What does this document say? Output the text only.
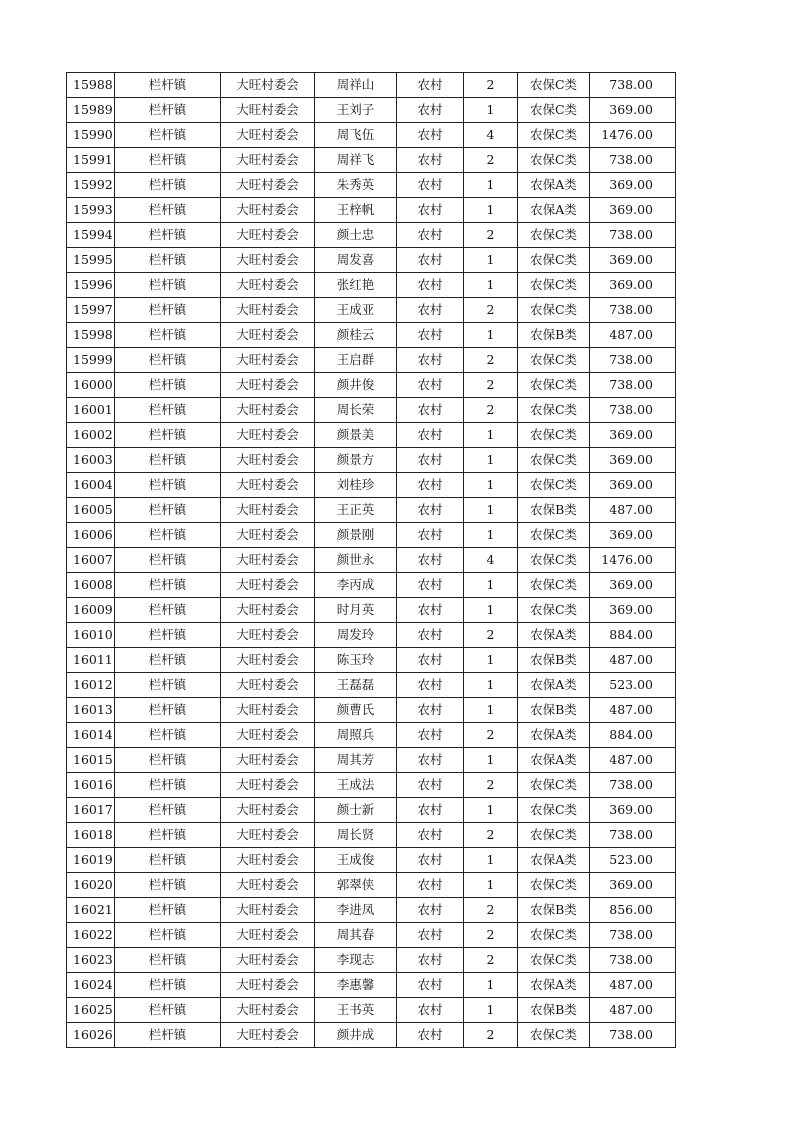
15988	栏杆镇	大旺村委会	周祥山	农村	2	农保C类	738.00
15989	栏杆镇	大旺村委会	王刘子	农村	1	农保C类	369.00
15990	栏杆镇	大旺村委会	周飞伍	农村	4	农保C类	1476.00
15991	栏杆镇	大旺村委会	周祥飞	农村	2	农保C类	738.00
15992	栏杆镇	大旺村委会	朱秀英	农村	1	农保A类	369.00
15993	栏杆镇	大旺村委会	王梓帆	农村	1	农保A类	369.00
15994	栏杆镇	大旺村委会	颜士忠	农村	2	农保C类	738.00
15995	栏杆镇	大旺村委会	周发喜	农村	1	农保C类	369.00
15996	栏杆镇	大旺村委会	张红艳	农村	1	农保C类	369.00
15997	栏杆镇	大旺村委会	王成亚	农村	2	农保C类	738.00
15998	栏杆镇	大旺村委会	颜桂云	农村	1	农保B类	487.00
15999	栏杆镇	大旺村委会	王启群	农村	2	农保C类	738.00
16000	栏杆镇	大旺村委会	颜井俊	农村	2	农保C类	738.00
16001	栏杆镇	大旺村委会	周长荣	农村	2	农保C类	738.00
16002	栏杆镇	大旺村委会	颜景美	农村	1	农保C类	369.00
16003	栏杆镇	大旺村委会	颜景方	农村	1	农保C类	369.00
16004	栏杆镇	大旺村委会	刘桂珍	农村	1	农保C类	369.00
16005	栏杆镇	大旺村委会	王正英	农村	1	农保B类	487.00
16006	栏杆镇	大旺村委会	颜景刚	农村	1	农保C类	369.00
16007	栏杆镇	大旺村委会	颜世永	农村	4	农保C类	1476.00
16008	栏杆镇	大旺村委会	李丙成	农村	1	农保C类	369.00
16009	栏杆镇	大旺村委会	时月英	农村	1	农保C类	369.00
16010	栏杆镇	大旺村委会	周发玲	农村	2	农保A类	884.00
16011	栏杆镇	大旺村委会	陈玉玲	农村	1	农保B类	487.00
16012	栏杆镇	大旺村委会	王磊磊	农村	1	农保A类	523.00
16013	栏杆镇	大旺村委会	颜曹氏	农村	1	农保B类	487.00
16014	栏杆镇	大旺村委会	周照兵	农村	2	农保A类	884.00
16015	栏杆镇	大旺村委会	周其芳	农村	1	农保A类	487.00
16016	栏杆镇	大旺村委会	王成法	农村	2	农保C类	738.00
16017	栏杆镇	大旺村委会	颜士新	农村	1	农保C类	369.00
16018	栏杆镇	大旺村委会	周长贤	农村	2	农保C类	738.00
16019	栏杆镇	大旺村委会	王成俊	农村	1	农保A类	523.00
16020	栏杆镇	大旺村委会	郭翠侠	农村	1	农保C类	369.00
16021	栏杆镇	大旺村委会	李进凤	农村	2	农保B类	856.00
16022	栏杆镇	大旺村委会	周其春	农村	2	农保C类	738.00
16023	栏杆镇	大旺村委会	李现志	农村	2	农保C类	738.00
16024	栏杆镇	大旺村委会	李惠馨	农村	1	农保A类	487.00
16025	栏杆镇	大旺村委会	王书英	农村	1	农保B类	487.00
16026	栏杆镇	大旺村委会	颜井成	农村	2	农保C类	738.00
